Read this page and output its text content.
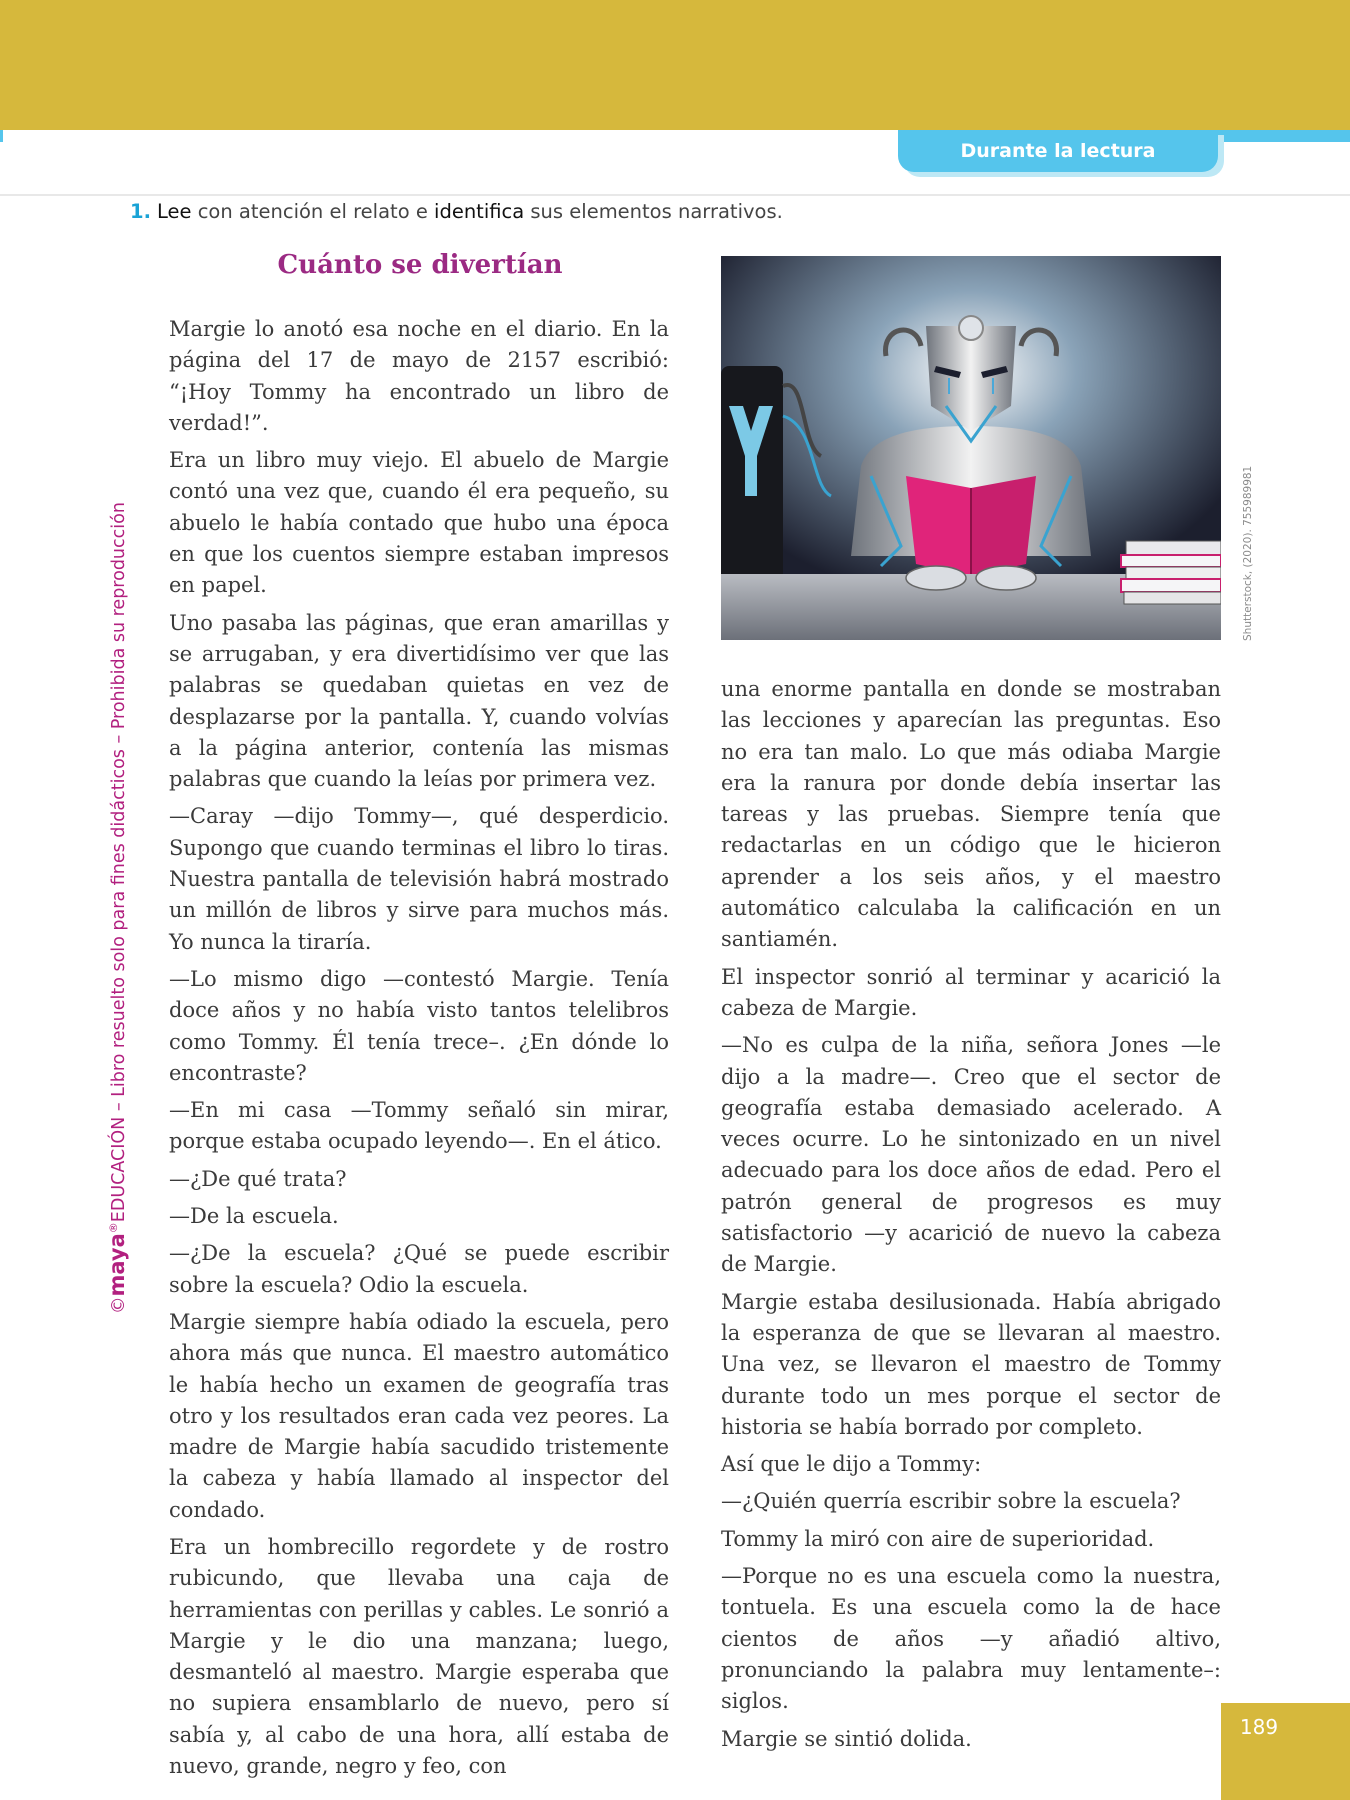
Durante la lectura
©maya®EDUCACIÓN – Libro resuelto solo para fines didácticos – Prohibida su reproducción
1. Lee con atención el relato e identifica sus elementos narrativos.
Cuánto se divertían

Margie lo anotó esa noche en el diario. En la página del 17 de mayo de 2157 escribió: “¡Hoy Tommy ha encontrado un libro de verdad!”.

Era un libro muy viejo. El abuelo de Margie contó una vez que, cuando él era pequeño, su abuelo le había contado que hubo una época en que los cuentos siempre estaban impresos en papel.

Uno pasaba las páginas, que eran amarillas y se arrugaban, y era divertidísimo ver que las palabras se quedaban quietas en vez de desplazarse por la pantalla. Y, cuando volvías a la página anterior, contenía las mismas palabras que cuando la leías por primera vez.

—Caray —dijo Tommy—, qué desperdicio. Supongo que cuando terminas el libro lo tiras. Nuestra pantalla de televisión habrá mostrado un millón de libros y sirve para muchos más. Yo nunca la tiraría.

—Lo mismo digo —contestó Margie. Tenía doce años y no había visto tantos telelibros como Tommy. Él tenía trece–. ¿En dónde lo encontraste?

—En mi casa —Tommy señaló sin mirar, porque estaba ocupado leyendo—. En el ático.

—¿De qué trata?

—De la escuela.

—¿De la escuela? ¿Qué se puede escribir sobre la escuela? Odio la escuela.

Margie siempre había odiado la escuela, pero ahora más que nunca. El maestro automático le había hecho un examen de geografía tras otro y los resultados eran cada vez peores. La madre de Margie había sacudido tristemente la cabeza y había llamado al inspector del condado.

Era un hombrecillo regordete y de rostro rubicundo, que llevaba una caja de herramientas con perillas y cables. Le sonrió a Margie y le dio una manzana; luego, desmanteló al maestro. Margie esperaba que no supiera ensamblarlo de nuevo, pero sí sabía y, al cabo de una hora, allí estaba de nuevo, grande, negro y feo, con

Shutterstock, (2020). 755989981

una enorme pantalla en donde se mostraban las lecciones y aparecían las preguntas. Eso no era tan malo. Lo que más odiaba Margie era la ranura por donde debía insertar las tareas y las pruebas. Siempre tenía que redactarlas en un código que le hicieron aprender a los seis años, y el maestro automático calculaba la calificación en un santiamén.

El inspector sonrió al terminar y acarició la cabeza de Margie.

—No es culpa de la niña, señora Jones —le dijo a la madre—. Creo que el sector de geografía estaba demasiado acelerado. A veces ocurre. Lo he sintonizado en un nivel adecuado para los doce años de edad. Pero el patrón general de progresos es muy satisfactorio —y acarició de nuevo la cabeza de Margie.

Margie estaba desilusionada. Había abrigado la esperanza de que se llevaran al maestro. Una vez, se llevaron el maestro de Tommy durante todo un mes porque el sector de historia se había borrado por completo.

Así que le dijo a Tommy:

—¿Quién querría escribir sobre la escuela?

Tommy la miró con aire de superioridad.

—Porque no es una escuela como la nuestra, tontuela. Es una escuela como la de hace cientos de años —y añadió altivo, pronunciando la palabra muy lentamente–: siglos.

Margie se sintió dolida.	189
